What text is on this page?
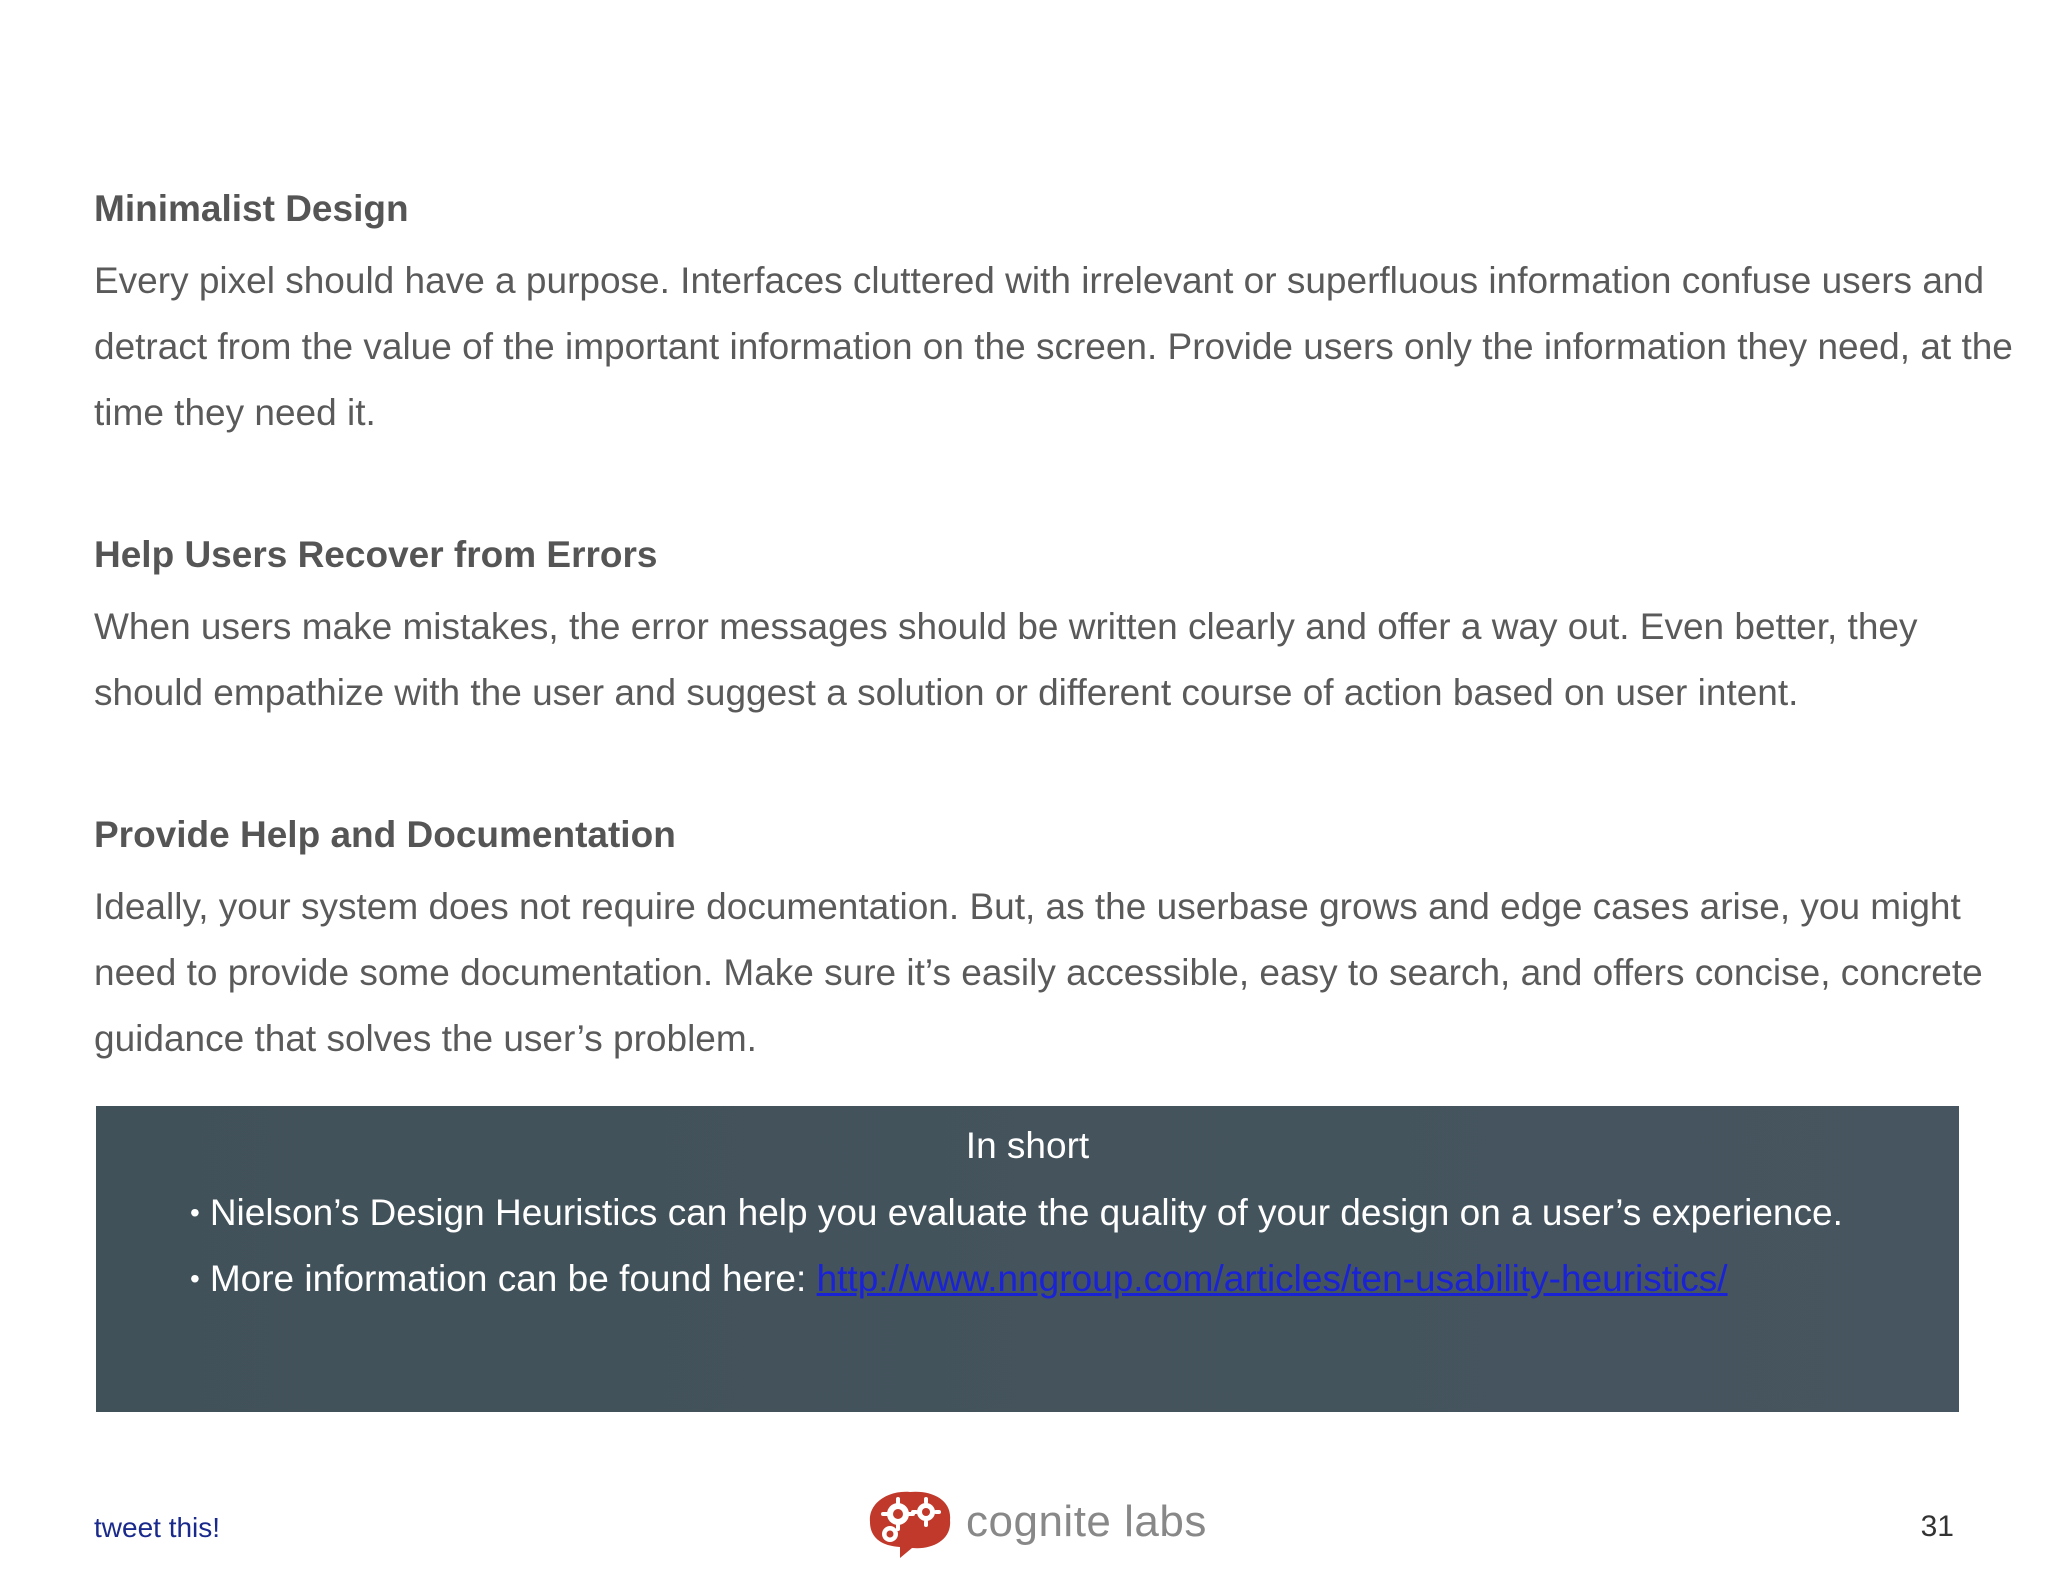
Minimalist Design

Every pixel should have a purpose. Interfaces cluttered with irrelevant or superfluous information confuse users and detract from the value of the important information on the screen. Provide users only the information they need, at the time they need it.

Help Users Recover from Errors

When users make mistakes, the error messages should be written clearly and offer a way out. Even better, they should empathize with the user and suggest a solution or different course of action based on user intent.

Provide Help and Documentation

Ideally, your system does not require documentation. But, as the userbase grows and edge cases arise, you might need to provide some documentation. Make sure it’s easily accessible, easy to search, and offers concise, concrete guidance that solves the user’s problem.

In short
• Nielson’s Design Heuristics can help you evaluate the quality of your design on a user’s experience.
• More information can be found here: http://www.nngroup.com/articles/ten-usability-heuristics/
tweet this!	cognite labs	31
